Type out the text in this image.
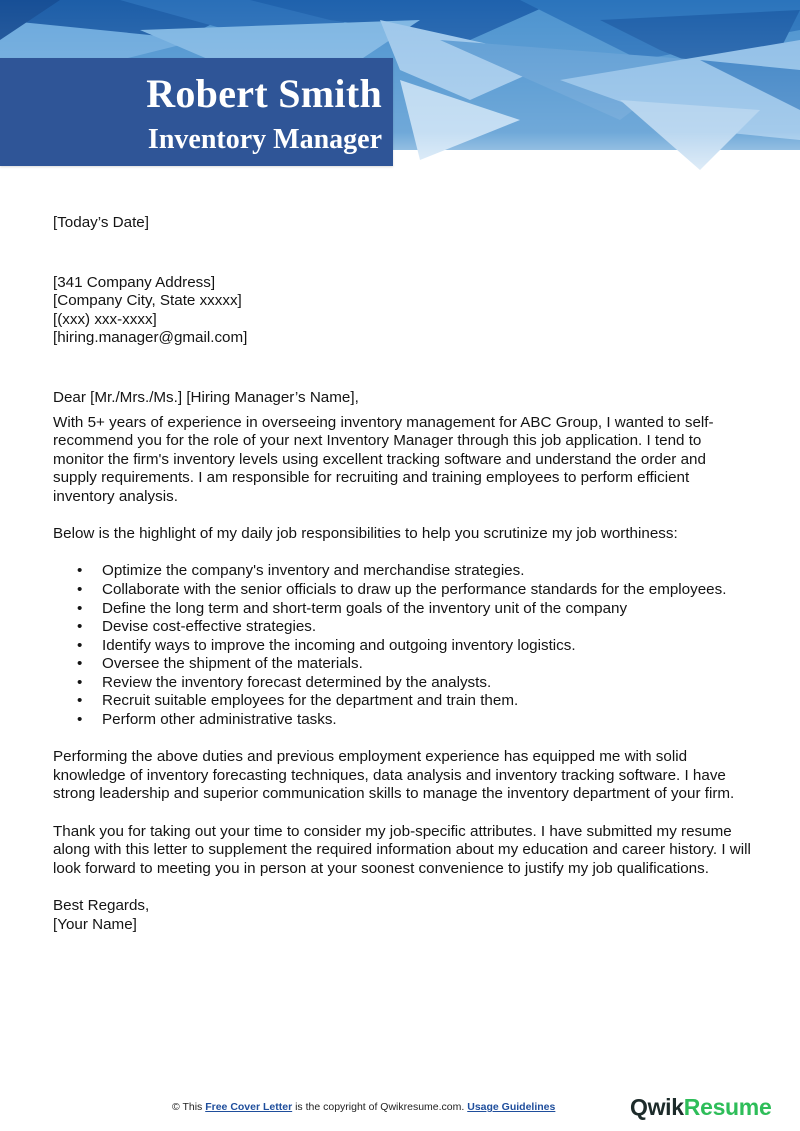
Robert Smith
Inventory Manager

[Today’s Date]

[341 Company Address]

[Company City, State xxxxx]

[(xxx) xxx-xxxx]

[hiring.manager@gmail.com]

Dear [Mr./Mrs./Ms.] [Hiring Manager’s Name],

With 5+ years of experience in overseeing inventory management for ABC Group, I wanted to self-recommend you for the role of your next Inventory Manager through this job application. I tend to monitor the firm's inventory levels using excellent tracking software and understand the order and supply requirements. I am responsible for recruiting and training employees to perform efficient inventory analysis.

Below is the highlight of my daily job responsibilities to help you scrutinize my job worthiness:

• Optimize the company's inventory and merchandise strategies.
• Collaborate with the senior officials to draw up the performance standards for the employees.
• Define the long term and short-term goals of the inventory unit of the company
• Devise cost-effective strategies.
• Identify ways to improve the incoming and outgoing inventory logistics.
• Oversee the shipment of the materials.
• Review the inventory forecast determined by the analysts.
• Recruit suitable employees for the department and train them.
• Perform other administrative tasks.

Performing the above duties and previous employment experience has equipped me with solid knowledge of inventory forecasting techniques, data analysis and inventory tracking software. I have strong leadership and superior communication skills to manage the inventory department of your firm.

Thank you for taking out your time to consider my job-specific attributes. I have submitted my resume along with this letter to supplement the required information about my education and career history. I will look forward to meeting you in person at your soonest convenience to justify my job qualifications.

Best Regards,

[Your Name]

© This Free Cover Letter is the copyright of Qwikresume.com. Usage Guidelines	QwikResume
